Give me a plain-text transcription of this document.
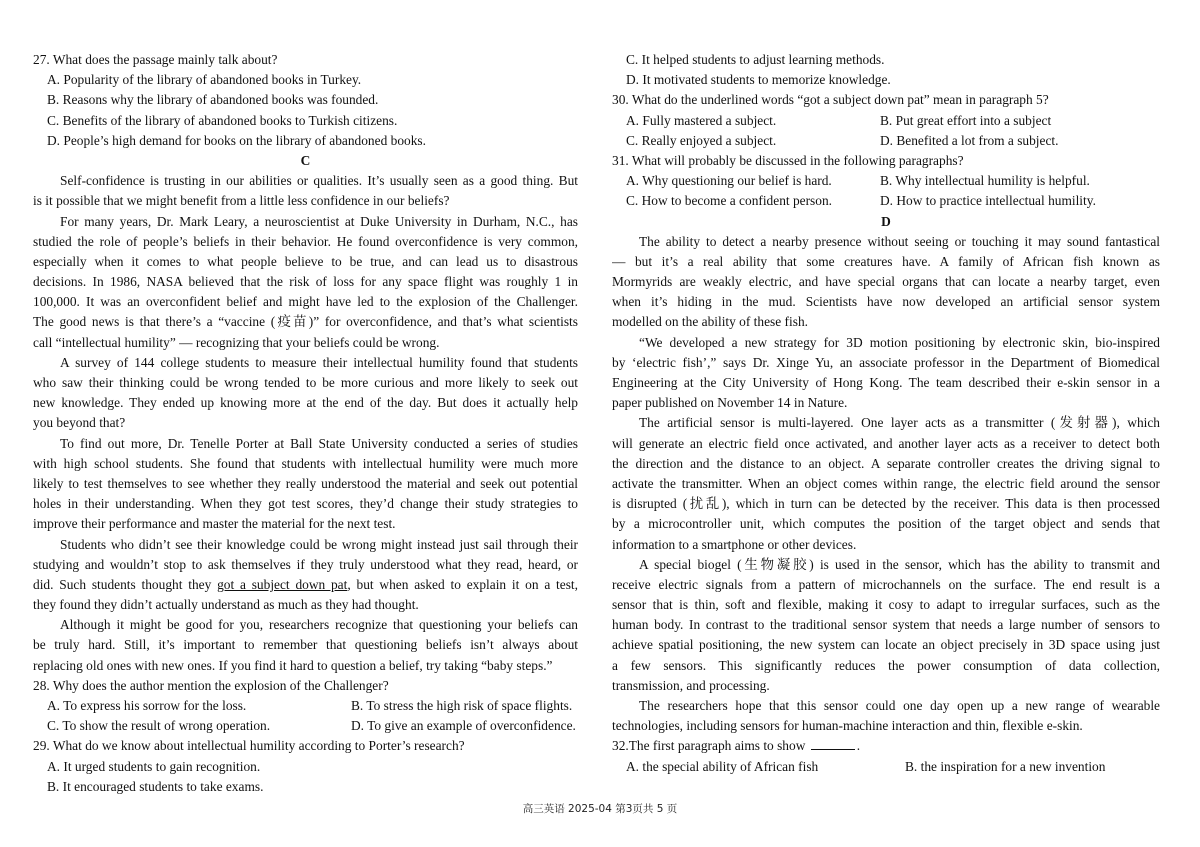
27. What does the passage mainly talk about?
A. Popularity of the library of abandoned books in Turkey.
B. Reasons why the library of abandoned books was founded.
C. Benefits of the library of abandoned books to Turkish citizens.
D. People’s high demand for books on the library of abandoned books.
C
Self-confidence is trusting in our abilities or qualities. It’s usually seen as a good thing. But
is it possible that we might benefit from a little less confidence in our beliefs?
For many years, Dr. Mark Leary, a neuroscientist at Duke University in Durham, N.C., has
studied the role of people’s beliefs in their behavior. He found overconfidence is very common,
especially when it comes to what people believe to be true, and can lead us to disastrous
decisions. In 1986, NASA believed that the risk of loss for any space flight was roughly 1 in
100,000. It was an overconfident belief and might have led to the explosion of the Challenger.
The good news is that there’s a “vaccine (疫苗)” for overconfidence, and that’s what scientists
call “intellectual humility” — recognizing that your beliefs could be wrong.
A survey of 144 college students to measure their intellectual humility found that students
who saw their thinking could be wrong tended to be more curious and more likely to seek out
new knowledge. They ended up knowing more at the end of the day. But does it actually help
you beyond that?
To find out more, Dr. Tenelle Porter at Ball State University conducted a series of studies
with high school students. She found that students with intellectual humility were much more
likely to test themselves to see whether they really understood the material and seek out potential
holes in their understanding. When they got test scores, they’d change their study strategies to
improve their performance and master the material for the next test.
Students who didn’t see their knowledge could be wrong might instead just sail through their
studying and wouldn’t stop to ask themselves if they truly understood what they read, heard, or
did. Such students thought they got a subject down pat, but when asked to explain it on a test,
they found they didn’t actually understand as much as they had thought.
Although it might be good for you, researchers recognize that questioning your beliefs can
be truly hard. Still, it’s important to remember that questioning beliefs isn’t always about
replacing old ones with new ones. If you find it hard to question a belief, try taking “baby steps.”
28. Why does the author mention the explosion of the Challenger?
A. To express his sorrow for the loss.	B. To stress the high risk of space flights.
C. To show the result of wrong operation.	D. To give an example of overconfidence.
29. What do we know about intellectual humility according to Porter’s research?
A. It urged students to gain recognition.
B. It encouraged students to take exams.
C. It helped students to adjust learning methods.
D. It motivated students to memorize knowledge.
30. What do the underlined words “got a subject down pat” mean in paragraph 5?
A. Fully mastered a subject.	B. Put great effort into a subject
C. Really enjoyed a subject.	D. Benefited a lot from a subject.
31. What will probably be discussed in the following paragraphs?
A. Why questioning our belief is hard.	B. Why intellectual humility is helpful.
C. How to become a confident person.	D. How to practice intellectual humility.
D
The ability to detect a nearby presence without seeing or touching it may sound fantastical
— but it’s a real ability that some creatures have. A family of African fish known as
Mormyrids are weakly electric, and have special organs that can locate a nearby target, even
when it’s hiding in the mud. Scientists have now developed an artificial sensor system
modelled on the ability of these fish.
“We developed a new strategy for 3D motion positioning by electronic skin, bio-inspired
by ‘electric fish’,” says Dr. Xinge Yu, an associate professor in the Department of Biomedical
Engineering at the City University of Hong Kong. The team described their e-skin sensor in a
paper published on November 14 in Nature.
The artificial sensor is multi-layered. One layer acts as a transmitter (发射器), which
will generate an electric field once activated, and another layer acts as a receiver to detect both
the direction and the distance to an object. A separate controller creates the driving signal to
activate the transmitter. When an object comes within range, the electric field around the sensor
is disrupted (扰乱), which in turn can be detected by the receiver. This data is then processed
by a microcontroller unit, which computes the position of the target object and sends that
information to a smartphone or other devices.
A special biogel (生物凝胶) is used in the sensor, which has the ability to transmit and
receive electric signals from a pattern of microchannels on the surface. The end result is a
sensor that is thin, soft and flexible, making it cosy to adapt to irregular surfaces, such as the
human body. In contrast to the traditional sensor system that needs a large number of sensors to
achieve spatial positioning, the new system can locate an object precisely in 3D space using just
a few sensors. This significantly reduces the power consumption of data collection,
transmission, and processing.
The researchers hope that this sensor could one day open up a new range of wearable
technologies, including sensors for human-machine interaction and thin, flexible e-skin.
32.The first paragraph aims to show	.
A. the special ability of African fish	B. the inspiration for a new invention
高三英语 2025-04 第3页共 5 页
